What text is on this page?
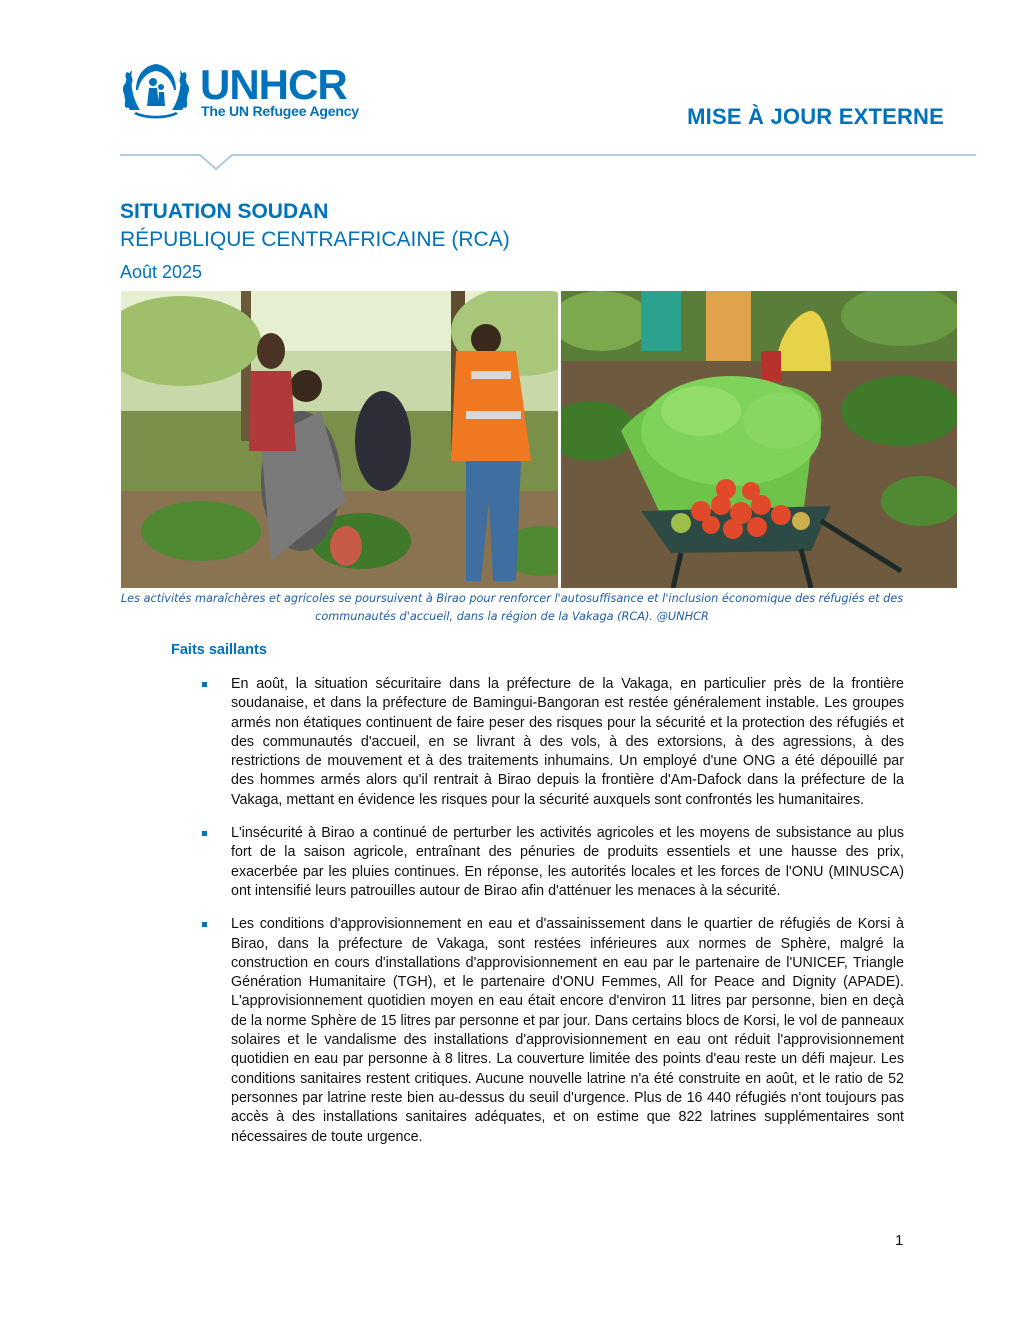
UNHCR
The UN Refugee Agency	MISE À JOUR EXTERNE
SITUATION SOUDAN
RÉPUBLIQUE CENTRAFRICAINE (RCA)
Août 2025
Les activités maraîchères et agricoles se poursuivent à Birao pour renforcer l'autosuffisance et l'inclusion économique des réfugiés et des communautés d'accueil, dans la région de la Vakaga (RCA). @UNHCR
Faits saillants
En août, la situation sécuritaire dans la préfecture de la Vakaga, en particulier près de la frontière soudanaise, et dans la préfecture de Bamingui-Bangoran est restée généralement instable. Les groupes armés non étatiques continuent de faire peser des risques pour la sécurité et la protection des réfugiés et des communautés d'accueil, en se livrant à des vols, à des extorsions, à des agressions, à des restrictions de mouvement et à des traitements inhumains. Un employé d'une ONG a été dépouillé par des hommes armés alors qu'il rentrait à Birao depuis la frontière d'Am-Dafock dans la préfecture de la Vakaga, mettant en évidence les risques pour la sécurité auxquels sont confrontés les humanitaires.
L'insécurité à Birao a continué de perturber les activités agricoles et les moyens de subsistance au plus fort de la saison agricole, entraînant des pénuries de produits essentiels et une hausse des prix, exacerbée par les pluies continues. En réponse, les autorités locales et les forces de l'ONU (MINUSCA) ont intensifié leurs patrouilles autour de Birao afin d'atténuer les menaces à la sécurité.
Les conditions d'approvisionnement en eau et d'assainissement dans le quartier de réfugiés de Korsi à Birao, dans la préfecture de Vakaga, sont restées inférieures aux normes de Sphère, malgré la construction en cours d'installations d'approvisionnement en eau par le partenaire de l'UNICEF, Triangle Génération Humanitaire (TGH), et le partenaire d'ONU Femmes, All for Peace and Dignity (APADE). L'approvisionnement quotidien moyen en eau était encore d'environ 11 litres par personne, bien en deçà de la norme Sphère de 15 litres par personne et par jour. Dans certains blocs de Korsi, le vol de panneaux solaires et le vandalisme des installations d'approvisionnement en eau ont réduit l'approvisionnement quotidien en eau par personne à 8 litres. La couverture limitée des points d'eau reste un défi majeur. Les conditions sanitaires restent critiques. Aucune nouvelle latrine n'a été construite en août, et le ratio de 52 personnes par latrine reste bien au-dessus du seuil d'urgence. Plus de 16 440 réfugiés n'ont toujours pas accès à des installations sanitaires adéquates, et on estime que 822 latrines supplémentaires sont nécessaires de toute urgence.
1
